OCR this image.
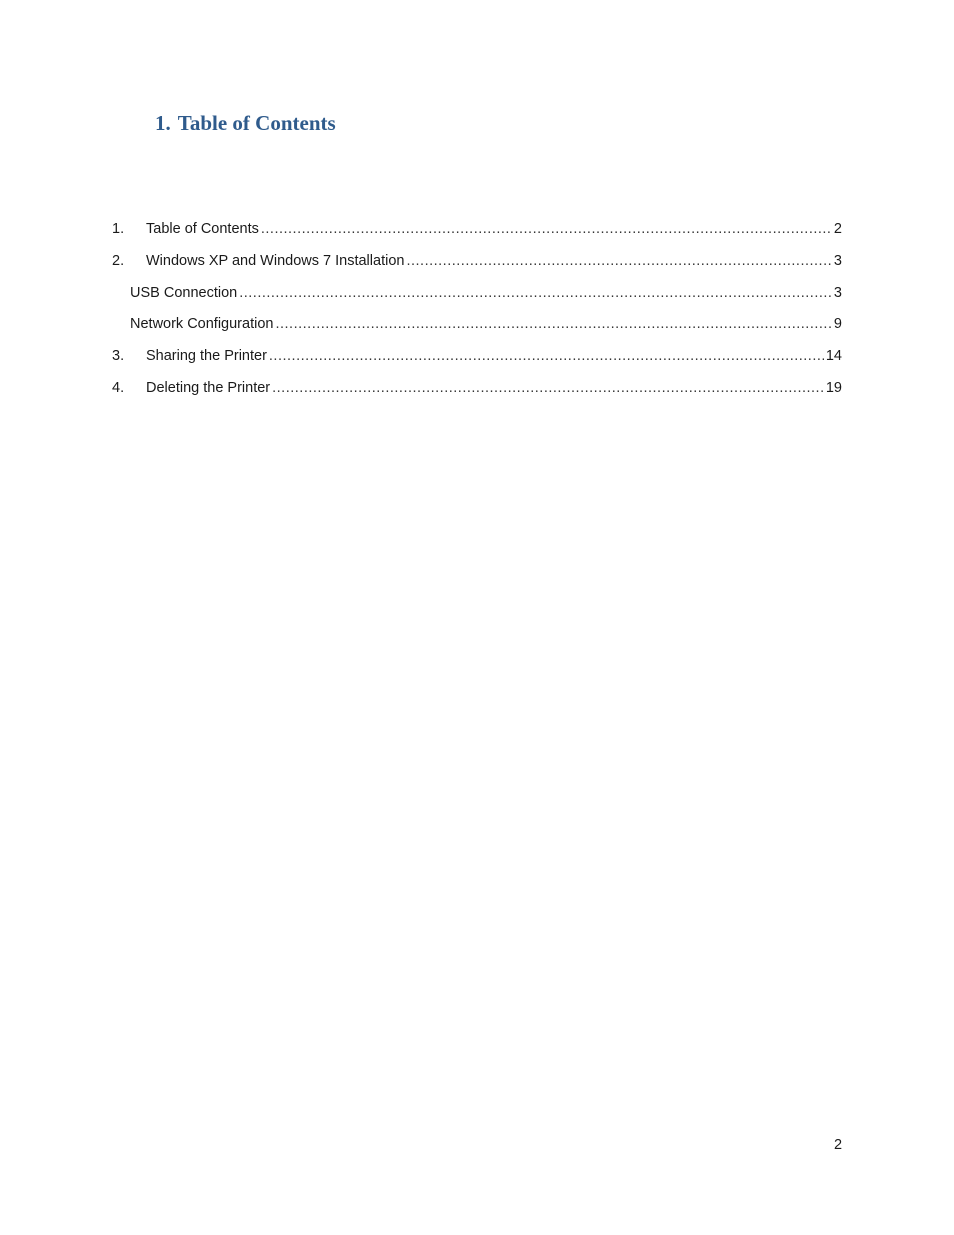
1. Table of Contents
1.	Table of Contents .....	2
2.	Windows XP and Windows 7 Installation .....	3
USB Connection .....	3
Network Configuration .....	9
3.	Sharing the Printer .....	14
4.	Deleting the Printer .....	19
2
